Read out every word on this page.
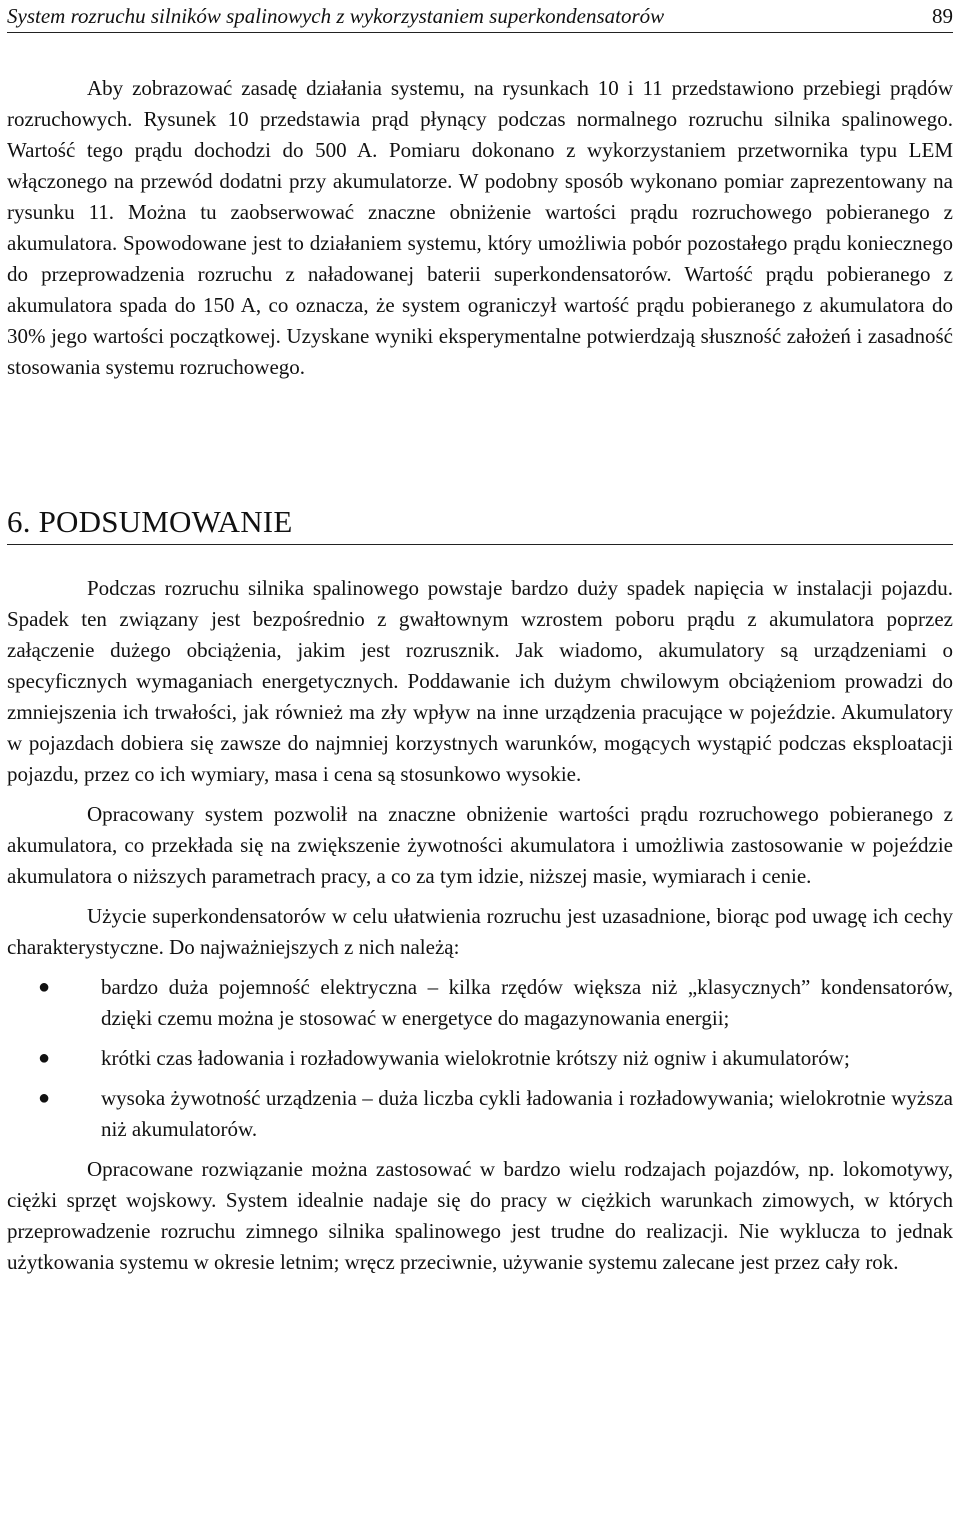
System rozruchu silników spalinowych z wykorzystaniem superkondensatorów	89

Aby zobrazować zasadę działania systemu, na rysunkach 10 i 11 przedstawiono przebiegi prądów rozruchowych. Rysunek 10 przedstawia prąd płynący podczas normalnego rozruchu silnika spalinowego. Wartość tego prądu dochodzi do 500 A. Pomiaru dokonano z wykorzystaniem przetwornika typu LEM włączonego na przewód dodatni przy akumulatorze. W podobny sposób wykonano pomiar zaprezentowany na rysunku 11. Można tu zaobserwować znaczne obniżenie wartości prądu rozruchowego pobieranego z akumulatora. Spowodowane jest to działaniem systemu, który umożliwia pobór pozostałego prądu koniecznego do przeprowadzenia rozruchu z naładowanej baterii superkondensatorów. Wartość prądu pobieranego z akumulatora spada do 150 A, co oznacza, że system ograniczył wartość prądu pobieranego z akumulatora do 30% jego wartości początkowej. Uzyskane wyniki eksperymentalne potwierdzają słuszność założeń i zasadność stosowania systemu rozruchowego.

6. PODSUMOWANIE

Podczas rozruchu silnika spalinowego powstaje bardzo duży spadek napięcia w instalacji pojazdu. Spadek ten związany jest bezpośrednio z gwałtownym wzrostem poboru prądu z akumulatora poprzez załączenie dużego obciążenia, jakim jest rozrusznik. Jak wiadomo, akumulatory są urządzeniami o specyficznych wymaganiach energetycznych. Poddawanie ich dużym chwilowym obciążeniom prowadzi do zmniejszenia ich trwałości, jak również ma zły wpływ na inne urządzenia pracujące w pojeździe. Akumulatory w pojazdach dobiera się zawsze do najmniej korzystnych warunków, mogących wystąpić podczas eksploatacji pojazdu, przez co ich wymiary, masa i cena są stosunkowo wysokie.

Opracowany system pozwolił na znaczne obniżenie wartości prądu rozruchowego pobieranego z akumulatora, co przekłada się na zwiększenie żywotności akumulatora i umożliwia zastosowanie w pojeździe akumulatora o niższych parametrach pracy, a co za tym idzie, niższej masie, wymiarach i cenie.

Użycie superkondensatorów w celu ułatwienia rozruchu jest uzasadnione, biorąc pod uwagę ich cechy charakterystyczne. Do najważniejszych z nich należą:

● bardzo duża pojemność elektryczna – kilka rzędów większa niż „klasycznych” kondensatorów, dzięki czemu można je stosować w energetyce do magazynowania energii;
● krótki czas ładowania i rozładowywania wielokrotnie krótszy niż ogniw i akumulatorów;
● wysoka żywotność urządzenia – duża liczba cykli ładowania i rozładowywania; wielokrotnie wyższa niż akumulatorów.

Opracowane rozwiązanie można zastosować w bardzo wielu rodzajach pojazdów, np. lokomotywy, ciężki sprzęt wojskowy. System idealnie nadaje się do pracy w ciężkich warunkach zimowych, w których przeprowadzenie rozruchu zimnego silnika spalinowego jest trudne do realizacji. Nie wyklucza to jednak użytkowania systemu w okresie letnim; wręcz przeciwnie, używanie systemu zalecane jest przez cały rok.
